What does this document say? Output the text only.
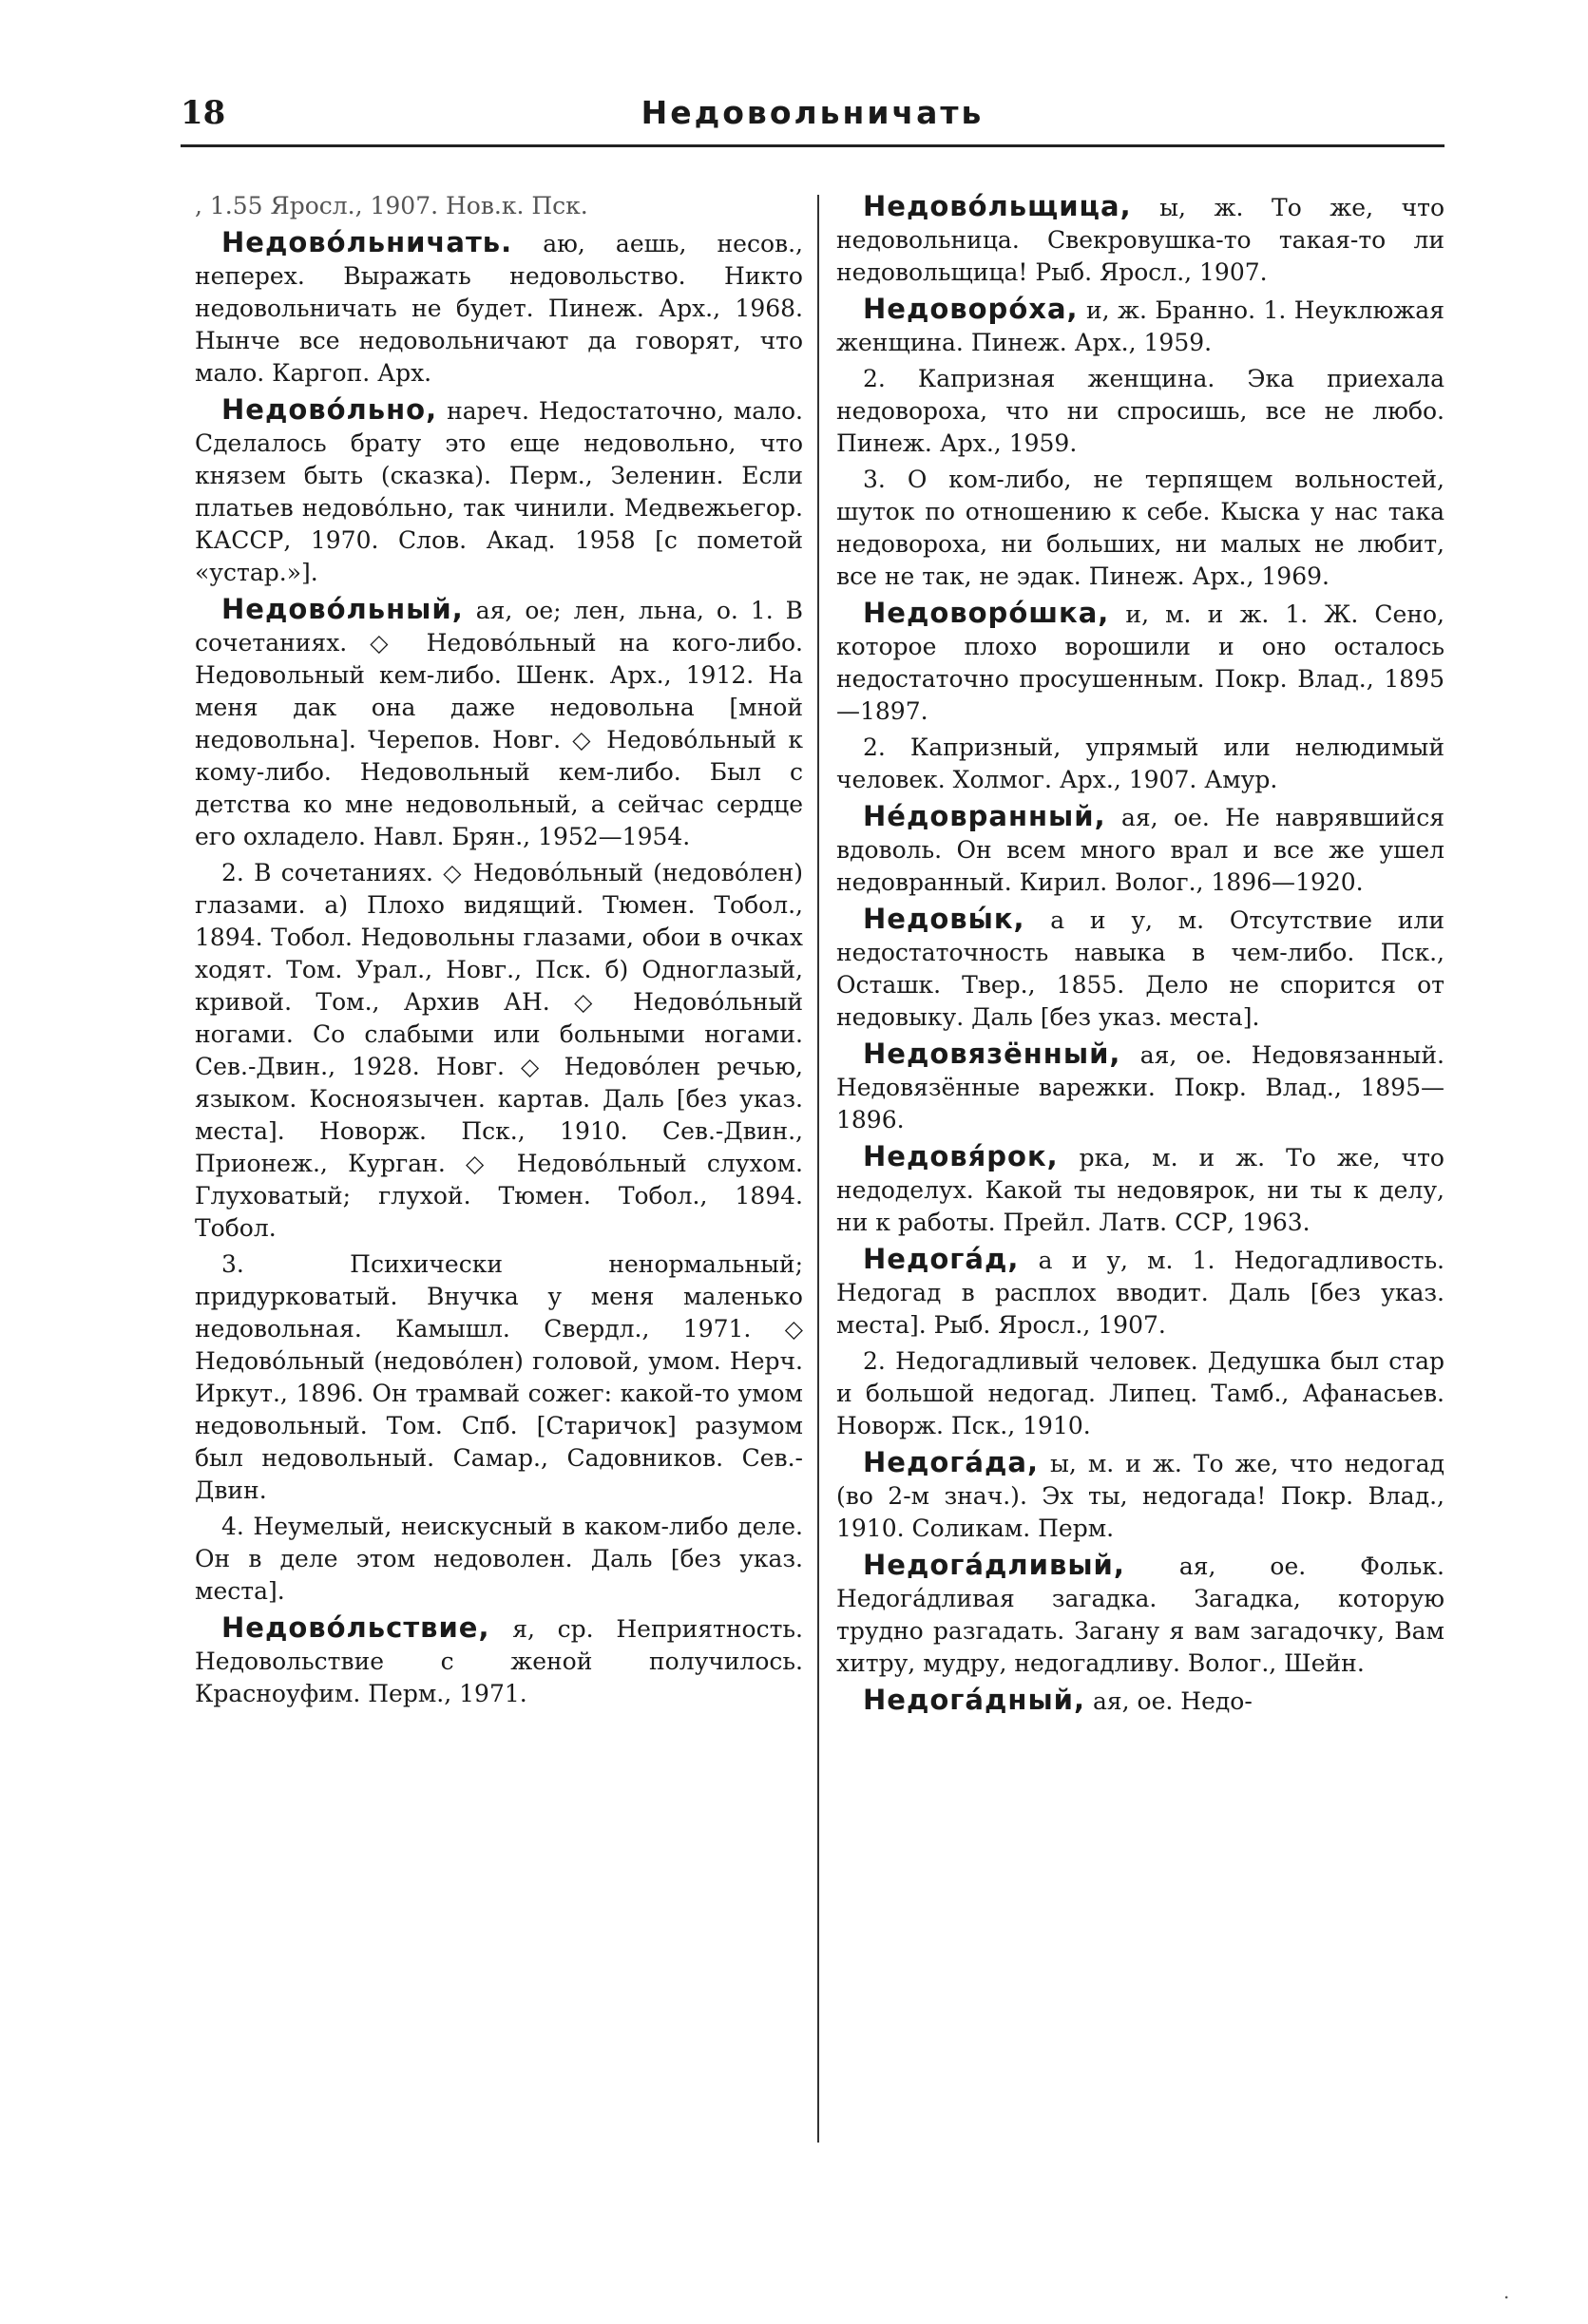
18	Недовольничать

, 1.55 Яросл., 1907. Нов.к. Пск.

Недово́льничать. аю, аешь, несов., неперех. Выражать недовольство. Никто недовольничать не будет. Пинеж. Арх., 1968. Нынче все недовольничают да говорят, что мало. Каргоп. Арх.

Недово́льно, нареч. Недостаточно, мало. Сделалось брату это еще недовольно, что князем быть (сказка). Перм., Зеленин. Если платьев недово́льно, так чинили. Медвежьегор. КАССР, 1970. Слов. Акад. 1958 [с пометой «устар.»].

Недово́льный, ая, ое; лен, льна, о. 1. В сочетаниях. ◇ Недово́льный на кого-либо. Недовольный кем-либо. Шенк. Арх., 1912. На меня дак она даже недовольна [мной недовольна]. Черепов. Новг. ◇ Недово́льный к кому-либо. Недовольный кем-либо. Был с детства ко мне недовольный, а сейчас сердце его охладело. Навл. Брян., 1952—1954.

2. В сочетаниях. ◇ Недово́льный (недово́лен) глазами. а) Плохо видящий. Тюмен. Тобол., 1894. Тобол. Недовольны глазами, обои в очках ходят. Том. Урал., Новг., Пск. б) Одноглазый, кривой. Том., Архив АН. ◇ Недово́льный ногами. Со слабыми или больными ногами. Сев.-Двин., 1928. Новг. ◇ Недово́лен речью, языком. Косноязычен. картав. Даль [без указ. места]. Новорж. Пск., 1910. Сев.-Двин., Прионеж., Курган. ◇ Недово́льный слухом. Глуховатый; глухой. Тюмен. Тобол., 1894. Тобол.

3. Психически ненормальный; придурковатый. Внучка у меня маленько недовольная. Камышл. Свердл., 1971. ◇ Недово́льный (недово́лен) головой, умом. Нерч. Иркут., 1896. Он трамвай сожег: какой-то умом недовольный. Том. Спб. [Старичок] разумом был недовольный. Самар., Садовников. Сев.-Двин.

4. Неумелый, неискусный в каком-либо деле. Он в деле этом недоволен. Даль [без указ. места].

Недово́льствие, я, ср. Неприятность. Недовольствие с женой получилось. Красноуфим. Перм., 1971.

Недово́льщица, ы, ж. То же, что недовольница. Свекровушка-то такая-то ли недовольщица! Рыб. Яросл., 1907.

Недоворо́ха, и, ж. Бранно. 1. Неуклюжая женщина. Пинеж. Арх., 1959.

2. Капризная женщина. Эка приехала недовороха, что ни спросишь, все не любо. Пинеж. Арх., 1959.

3. О ком-либо, не терпящем вольностей, шуток по отношению к себе. Кыска у нас така недовороха, ни больших, ни малых не любит, все не так, не эдак. Пинеж. Арх., 1969.

Недоворо́шка, и, м. и ж. 1. Ж. Сено, которое плохо ворошили и оно осталось недостаточно просушенным. Покр. Влад., 1895—1897.

2. Капризный, упрямый или нелюдимый человек. Холмог. Арх., 1907. Амур.

Не́довранный, ая, ое. Не наврявшийся вдоволь. Он всем много врал и все же ушел недовранный. Кирил. Волог., 1896—1920.

Недовы́к, а и у, м. Отсутствие или недостаточность навыка в чем-либо. Пск., Осташк. Твер., 1855. Дело не спорится от недовыку. Даль [без указ. места].

Недовязённый, ая, ое. Недовязанный. Недовязённые варежки. Покр. Влад., 1895—1896.

Недовя́рок, рка, м. и ж. То же, что недоделух. Какой ты недовярок, ни ты к делу, ни к работы. Прейл. Латв. ССР, 1963.

Недога́д, а и у, м. 1. Недогадливость. Недогад в расплох вводит. Даль [без указ. места]. Рыб. Яросл., 1907.

2. Недогадливый человек. Дедушка был стар и большой недогад. Липец. Тамб., Афанасьев. Новорж. Пск., 1910.

Недога́да, ы, м. и ж. То же, что недогад (во 2-м знач.). Эх ты, недогада! Покр. Влад., 1910. Соликам. Перм.

Недога́дливый, ая, ое. Фольк. Недога́дливая загадка. Загадка, которую трудно разгадать. Загану я вам загадочку, Вам хитру, мудру, недогадливу. Волог., Шейн.

Недога́дный, ая, ое. Недо-

.
